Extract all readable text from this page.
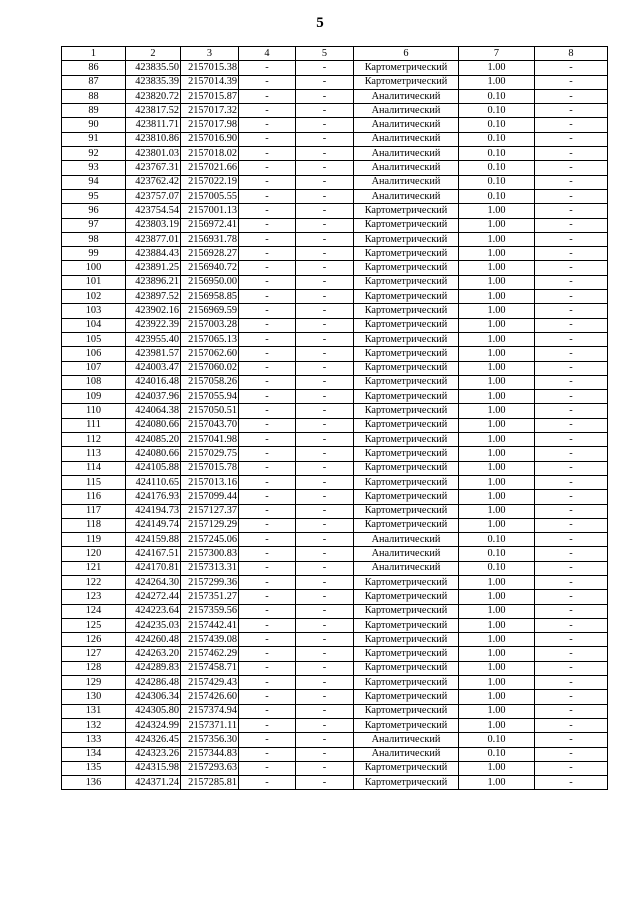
5
1	2	3	4	5	6	7	8
86	423835.50	2157015.38	-	-	Картометрический	1.00	-
87	423835.39	2157014.39	-	-	Картометрический	1.00	-
88	423820.72	2157015.87	-	-	Аналитический	0.10	-
89	423817.52	2157017.32	-	-	Аналитический	0.10	-
90	423811.71	2157017.98	-	-	Аналитический	0.10	-
91	423810.86	2157016.90	-	-	Аналитический	0.10	-
92	423801.03	2157018.02	-	-	Аналитический	0.10	-
93	423767.31	2157021.66	-	-	Аналитический	0.10	-
94	423762.42	2157022.19	-	-	Аналитический	0.10	-
95	423757.07	2157005.55	-	-	Аналитический	0.10	-
96	423754.54	2157001.13	-	-	Картометрический	1.00	-
97	423803.19	2156972.41	-	-	Картометрический	1.00	-
98	423877.01	2156931.78	-	-	Картометрический	1.00	-
99	423884.43	2156928.27	-	-	Картометрический	1.00	-
100	423891.25	2156940.72	-	-	Картометрический	1.00	-
101	423896.21	2156950.00	-	-	Картометрический	1.00	-
102	423897.52	2156958.85	-	-	Картометрический	1.00	-
103	423902.16	2156969.59	-	-	Картометрический	1.00	-
104	423922.39	2157003.28	-	-	Картометрический	1.00	-
105	423955.40	2157065.13	-	-	Картометрический	1.00	-
106	423981.57	2157062.60	-	-	Картометрический	1.00	-
107	424003.47	2157060.02	-	-	Картометрический	1.00	-
108	424016.48	2157058.26	-	-	Картометрический	1.00	-
109	424037.96	2157055.94	-	-	Картометрический	1.00	-
110	424064.38	2157050.51	-	-	Картометрический	1.00	-
111	424080.66	2157043.70	-	-	Картометрический	1.00	-
112	424085.20	2157041.98	-	-	Картометрический	1.00	-
113	424080.66	2157029.75	-	-	Картометрический	1.00	-
114	424105.88	2157015.78	-	-	Картометрический	1.00	-
115	424110.65	2157013.16	-	-	Картометрический	1.00	-
116	424176.93	2157099.44	-	-	Картометрический	1.00	-
117	424194.73	2157127.37	-	-	Картометрический	1.00	-
118	424149.74	2157129.29	-	-	Картометрический	1.00	-
119	424159.88	2157245.06	-	-	Аналитический	0.10	-
120	424167.51	2157300.83	-	-	Аналитический	0.10	-
121	424170.81	2157313.31	-	-	Аналитический	0.10	-
122	424264.30	2157299.36	-	-	Картометрический	1.00	-
123	424272.44	2157351.27	-	-	Картометрический	1.00	-
124	424223.64	2157359.56	-	-	Картометрический	1.00	-
125	424235.03	2157442.41	-	-	Картометрический	1.00	-
126	424260.48	2157439.08	-	-	Картометрический	1.00	-
127	424263.20	2157462.29	-	-	Картометрический	1.00	-
128	424289.83	2157458.71	-	-	Картометрический	1.00	-
129	424286.48	2157429.43	-	-	Картометрический	1.00	-
130	424306.34	2157426.60	-	-	Картометрический	1.00	-
131	424305.80	2157374.94	-	-	Картометрический	1.00	-
132	424324.99	2157371.11	-	-	Картометрический	1.00	-
133	424326.45	2157356.30	-	-	Аналитический	0.10	-
134	424323.26	2157344.83	-	-	Аналитический	0.10	-
135	424315.98	2157293.63	-	-	Картометрический	1.00	-
136	424371.24	2157285.81	-	-	Картометрический	1.00	-
